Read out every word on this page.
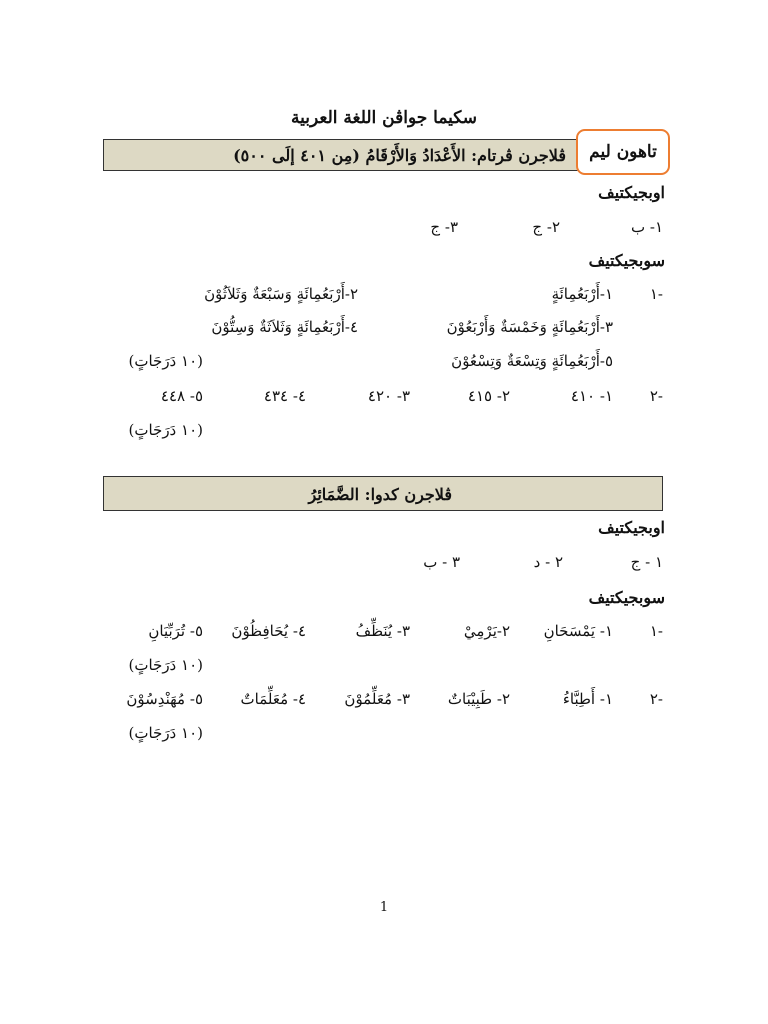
سکيما جواڤن اللغة العربية
ڤلاجرن ڤرتام: الأَعْدَادُ وَالأَرْقَامُ (مِن ٤٠١ إلَى ٥٠٠)	تاهون ليم
اوبجيکتيف
١- ب
٢- ج
٣- ج
سوبجيکتيف
١-
١-أَرْبَعُمِائَةٍ
٢-أَرْبَعُمِائَةٍ وَسَبْعَةٌ وَثَلاَثُوْنَ
٣-أَرْبَعُمِائَةٍ وَخَمْسَةٌ وَأَرْبَعُوْنَ
٤-أَرْبَعُمِائَةٍ وَثَلاَثَةٌ وَسِتُّوْنَ
٥-أَرْبَعُمِائَةٍ وَتِسْعَةٌ وَتِسْعُوْنَ
(١٠ دَرَجَاتٍ)
٢-
١- ٤١٠
٢- ٤١٥
٣- ٤٢٠
٤- ٤٣٤
٥- ٤٤٨
(١٠ دَرَجَاتٍ)
ڤلاجرن كدوا: الضَّمَائِرُ
اوبجيکتيف
١ - ج
٢ - د
٣ - ب
سوبجيکتيف
١-
١- يَمْسَحَانِ
٢-يَرْمِيْ
٣- يُنَظِّفُ
٤- يُحَافِظُوْنَ
٥- تُرَبِّيَانِ
(١٠ دَرَجَاتٍ)
٢-
١- أَطِبَّاءُ
٢- طَبِيْبَاتٌ
٣- مُعَلِّمُوْنَ
٤- مُعَلِّمَاتٌ
٥- مُهَنْدِسُوْنَ
(١٠ دَرَجَاتٍ)
1
